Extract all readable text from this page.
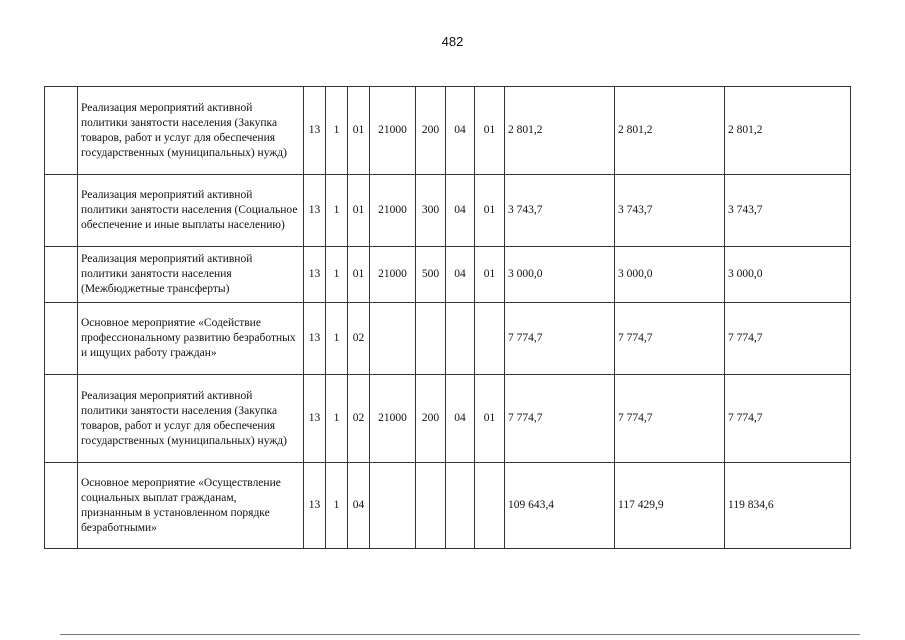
482
	Реализация мероприятий активной политики занятости населения (Закупка товаров, работ и услуг для обеспечения государственных (муниципальных) нужд)	13	1	01	21000	200	04	01	2 801,2	2 801,2	2 801,2
	Реализация мероприятий активной политики занятости населения (Социальное обеспечение и иные выплаты населению)	13	1	01	21000	300	04	01	3 743,7	3 743,7	3 743,7
	Реализация мероприятий активной политики занятости населения (Межбюджетные трансферты)	13	1	01	21000	500	04	01	3 000,0	3 000,0	3 000,0
	Основное мероприятие «Содействие профессиональному развитию безработных и ищущих работу граждан»	13	1	02					7 774,7	7 774,7	7 774,7
	Реализация мероприятий активной политики занятости населения (Закупка товаров, работ и услуг для обеспечения государственных (муниципальных) нужд)	13	1	02	21000	200	04	01	7 774,7	7 774,7	7 774,7
	Основное мероприятие «Осуществление социальных выплат гражданам, признанным в установленном порядке безработными»	13	1	04					109 643,4	117 429,9	119 834,6
